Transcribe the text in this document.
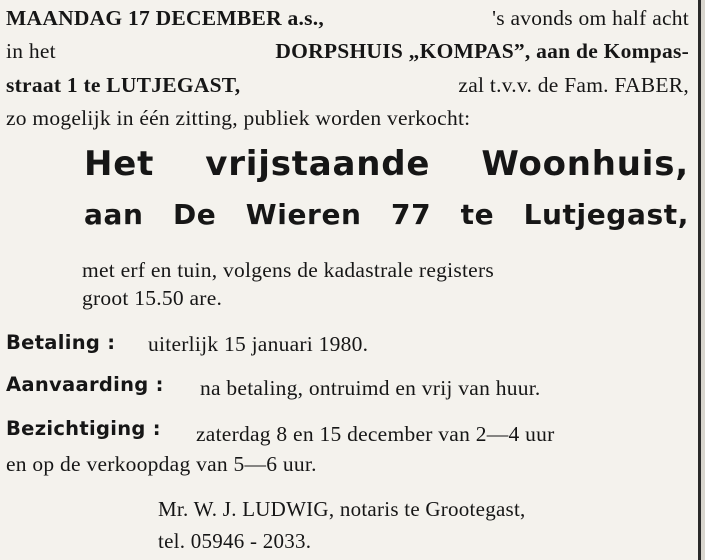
MAANDAG 17 DECEMBER a.s.,	's avonds om half acht
in het	DORPSHUIS „KOMPAS”, aan de Kompas-
straat 1 te LUTJEGAST,	zal t.v.v. de Fam. FABER,
zo mogelijk in één zitting, publiek worden verkocht:
Het vrijstaande Woonhuis,
aan De Wieren 77 te Lutjegast,
met erf en tuin, volgens de kadastrale registers
groot 15.50 are.
Betaling : uiterlijk 15 januari 1980.
Aanvaarding : na betaling, ontruimd en vrij van huur.
Bezichtiging : zaterdag 8 en 15 december van 2—4 uur
en op de verkoopdag van 5—6 uur.
Mr. W. J. LUDWIG, notaris te Grootegast,
tel. 05946 - 2033.
